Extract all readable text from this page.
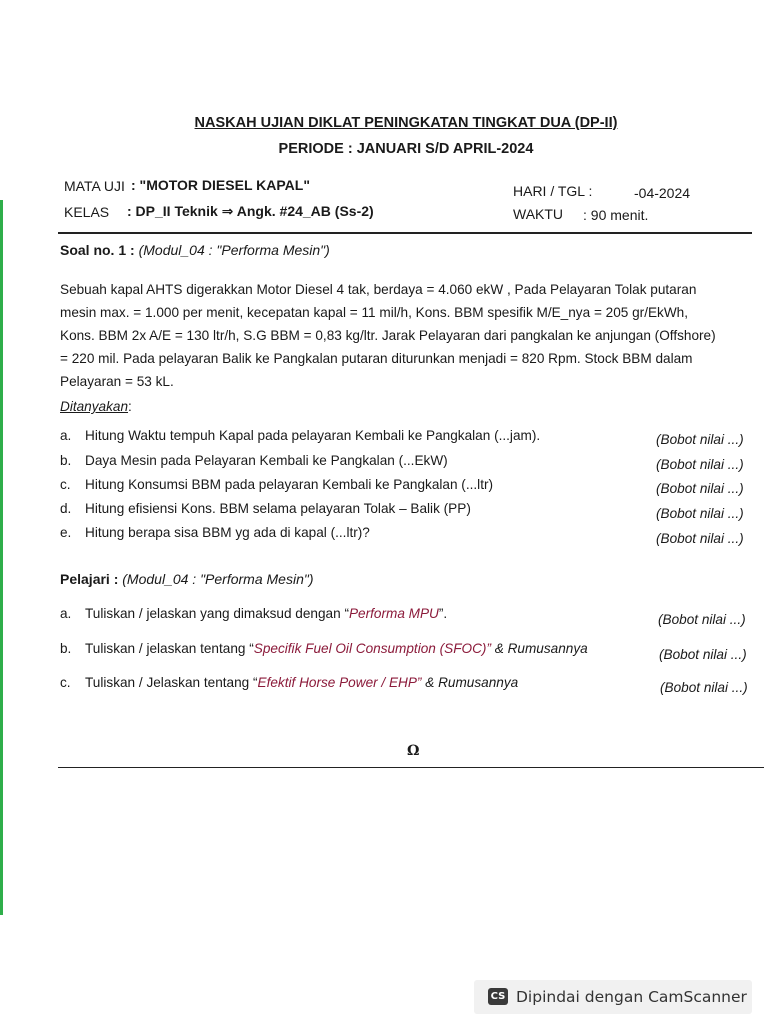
NASKAH UJIAN DIKLAT PENINGKATAN TINGKAT DUA (DP-II)
PERIODE : JANUARI S/D APRIL-2024
MATA UJI : "MOTOR DIESEL KAPAL"
KELAS : DP_II Teknik ⇒ Angk. #24_AB (Ss-2)
HARI / TGL :	-04-2024
WAKTU : 90 menit.
Soal no. 1 : (Modul_04 : "Performa Mesin")
Sebuah kapal AHTS digerakkan Motor Diesel 4 tak, berdaya = 4.060 ekW , Pada Pelayaran Tolak putaran
mesin max. = 1.000 per menit, kecepatan kapal = 11 mil/h, Kons. BBM spesifik M/E_nya = 205 gr/EkWh,
Kons. BBM 2x A/E = 130 ltr/h, S.G BBM = 0,83 kg/ltr. Jarak Pelayaran dari pangkalan ke anjungan (Offshore)
= 220 mil. Pada pelayaran Balik ke Pangkalan putaran diturunkan menjadi = 820 Rpm. Stock BBM dalam
Pelayaran = 53 kL.
Ditanyakan:
a. Hitung Waktu tempuh Kapal pada pelayaran Kembali ke Pangkalan (...jam).	(Bobot nilai ...)
b. Daya Mesin pada Pelayaran Kembali ke Pangkalan (...EkW)	(Bobot nilai ...)
c. Hitung Konsumsi BBM pada pelayaran Kembali ke Pangkalan (...ltr)	(Bobot nilai ...)
d. Hitung efisiensi Kons. BBM selama pelayaran Tolak – Balik (PP)	(Bobot nilai ...)
e. Hitung berapa sisa BBM yg ada di kapal (...ltr)?	(Bobot nilai ...)
Pelajari : (Modul_04 : "Performa Mesin")
a. Tuliskan / jelaskan yang dimaksud dengan “Performa MPU”.	(Bobot nilai ...)
b. Tuliskan / jelaskan tentang “Specifik Fuel Oil Consumption (SFOC)” & Rumusannya	(Bobot nilai ...)
c. Tuliskan / Jelaskan tentang “Efektif Horse Power / EHP” & Rumusannya	(Bobot nilai ...)
Ω
CS Dipindai dengan CamScanner
